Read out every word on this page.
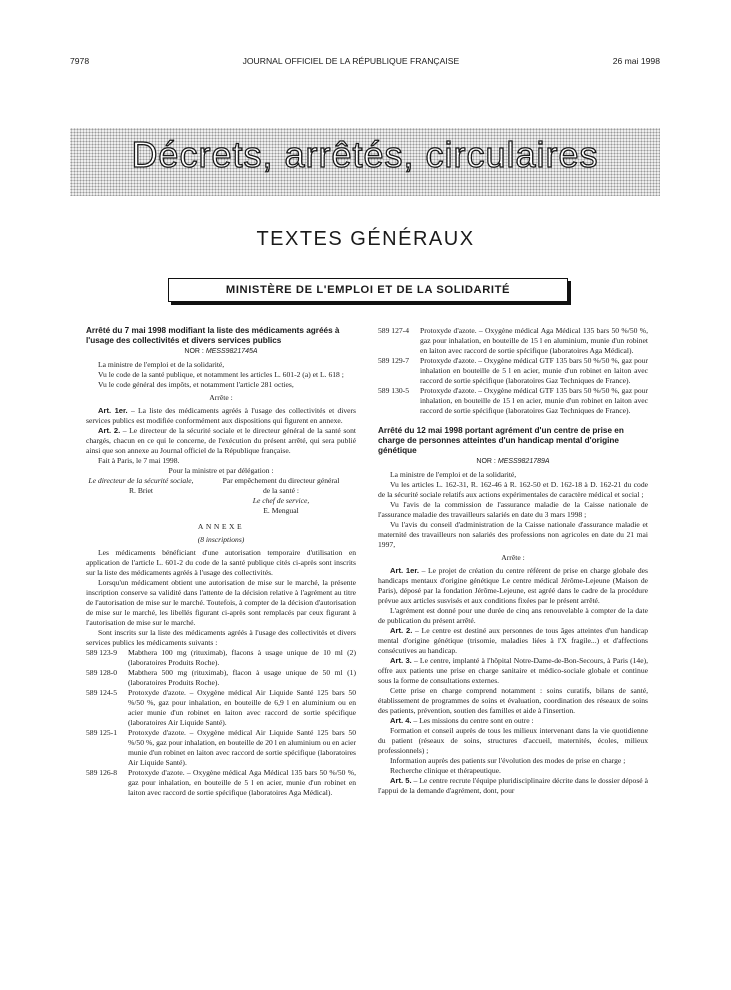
7978	JOURNAL OFFICIEL DE LA RÉPUBLIQUE FRANÇAISE	26 mai 1998
Décrets, arrêtés, circulaires
TEXTES GÉNÉRAUX
MINISTÈRE DE L'EMPLOI ET DE LA SOLIDARITÉ

Arrêté du 7 mai 1998 modifiant la liste des médicaments agréés à l'usage des collectivités et divers services publics

NOR : MESS9821745A

La ministre de l'emploi et de la solidarité,

Vu le code de la santé publique, et notamment les articles L. 601-2 (a) et L. 618 ;

Vu le code général des impôts, et notamment l'article 281 octies,

Arrête :

Art. 1er. – La liste des médicaments agréés à l'usage des collectivités et divers services publics est modifiée conformément aux dispositions qui figurent en annexe.

Art. 2. – Le directeur de la sécurité sociale et le directeur général de la santé sont chargés, chacun en ce qui le concerne, de l'exécution du présent arrêté, qui sera publié ainsi que son annexe au Journal officiel de la République française.

Fait à Paris, le 7 mai 1998.

Pour la ministre et par délégation :

Le directeur de la sécurité sociale,
R. Briet
Par empêchement du directeur général
de la santé :
Le chef de service,
E. Mengual

ANNEXE

(8 inscriptions)

Les médicaments bénéficiant d'une autorisation temporaire d'utilisation en application de l'article L. 601-2 du code de la santé publique cités ci-après sont inscrits sur la liste des médicaments agréés à l'usage des collectivités.

Lorsqu'un médicament obtient une autorisation de mise sur le marché, la présente inscription conserve sa validité dans l'attente de la décision relative à l'agrément au titre de l'autorisation de mise sur le marché. Toutefois, à compter de la décision d'autorisation de mise sur le marché, les libellés figurant ci-après sont remplacés par ceux figurant à l'autorisation de mise sur le marché.

Sont inscrits sur la liste des médicaments agréés à l'usage des collectivités et divers services publics les médicaments suivants :

589 123-9	Mabthera 100 mg (rituximab), flacons à usage unique de 10 ml (2) (laboratoires Produits Roche).
589 128-0	Mabthera 500 mg (rituximab), flacon à usage unique de 50 ml (1) (laboratoires Produits Roche).
589 124-5	Protoxyde d'azote. – Oxygène médical Air Liquide Santé 125 bars 50 %/50 %, gaz pour inhalation, en bouteille de 6,9 l en aluminium ou en acier munie d'un robinet en laiton avec raccord de sortie spécifique (laboratoires Air Liquide Santé).
589 125-1	Protoxyde d'azote. – Oxygène médical Air Liquide Santé 125 bars 50 %/50 %, gaz pour inhalation, en bouteille de 20 l en aluminium ou en acier munie d'un robinet en laiton avec raccord de sortie spécifique (laboratoires Air Liquide Santé).
589 126-8	Protoxyde d'azote. – Oxygène médical Aga Médical 135 bars 50 %/50 %, gaz pour inhalation, en bouteille de 5 l en acier, munie d'un robinet en laiton avec raccord de sortie spécifique (laboratoires Aga Médical).
589 127-4	Protoxyde d'azote. – Oxygène médical Aga Médical 135 bars 50 %/50 %, gaz pour inhalation, en bouteille de 15 l en aluminium, munie d'un robinet en laiton avec raccord de sortie spécifique (laboratoires Aga Médical).
589 129-7	Protoxyde d'azote. – Oxygène médical GTF 135 bars 50 %/50 %, gaz pour inhalation en bouteille de 5 l en acier, munie d'un robinet en laiton avec raccord de sortie spécifique (laboratoires Gaz Techniques de France).
589 130-5	Protoxyde d'azote. – Oxygène médical GTF 135 bars 50 %/50 %, gaz pour inhalation, en bouteille de 15 l en acier, munie d'un robinet en laiton avec raccord de sortie spécifique (laboratoires Gaz Techniques de France).

Arrêté du 12 mai 1998 portant agrément d'un centre de prise en charge de personnes atteintes d'un handicap mental d'origine génétique

NOR : MESS9821789A

La ministre de l'emploi et de la solidarité,

Vu les articles L. 162-31, R. 162-46 à R. 162-50 et D. 162-18 à D. 162-21 du code de la sécurité sociale relatifs aux actions expérimentales de caractère médical et social ;

Vu l'avis de la commission de l'assurance maladie de la Caisse nationale de l'assurance maladie des travailleurs salariés en date du 3 mars 1998 ;

Vu l'avis du conseil d'administration de la Caisse nationale d'assurance maladie et maternité des travailleurs non salariés des professions non agricoles en date du 21 mai 1997,

Arrête :

Art. 1er. – Le projet de création du centre référent de prise en charge globale des handicaps mentaux d'origine génétique Le centre médical Jérôme-Lejeune (Maison de Paris), déposé par la fondation Jérôme-Lejeune, est agréé dans le cadre de la procédure prévue aux articles susvisés et aux conditions fixées par le présent arrêté.

L'agrément est donné pour une durée de cinq ans renouvelable à compter de la date de publication du présent arrêté.

Art. 2. – Le centre est destiné aux personnes de tous âges atteintes d'un handicap mental d'origine génétique (trisomie, maladies liées à l'X fragile...) et d'affections consécutives au handicap.

Art. 3. – Le centre, implanté à l'hôpital Notre-Dame-de-Bon-Secours, à Paris (14e), offre aux patients une prise en charge sanitaire et médico-sociale globale et continue sous la forme de consultations externes.

Cette prise en charge comprend notamment : soins curatifs, bilans de santé, établissement de programmes de soins et évaluation, coordination des réseaux de soins des patients, prévention, soutien des familles et aide à l'insertion.

Art. 4. – Les missions du centre sont en outre :

Formation et conseil auprès de tous les milieux intervenant dans la vie quotidienne du patient (réseaux de soins, structures d'accueil, maternités, écoles, milieux professionnels) ;

Information auprès des patients sur l'évolution des modes de prise en charge ;

Recherche clinique et thérapeutique.

Art. 5. – Le centre recrute l'équipe pluridisciplinaire décrite dans le dossier déposé à l'appui de la demande d'agrément, dont, pour
